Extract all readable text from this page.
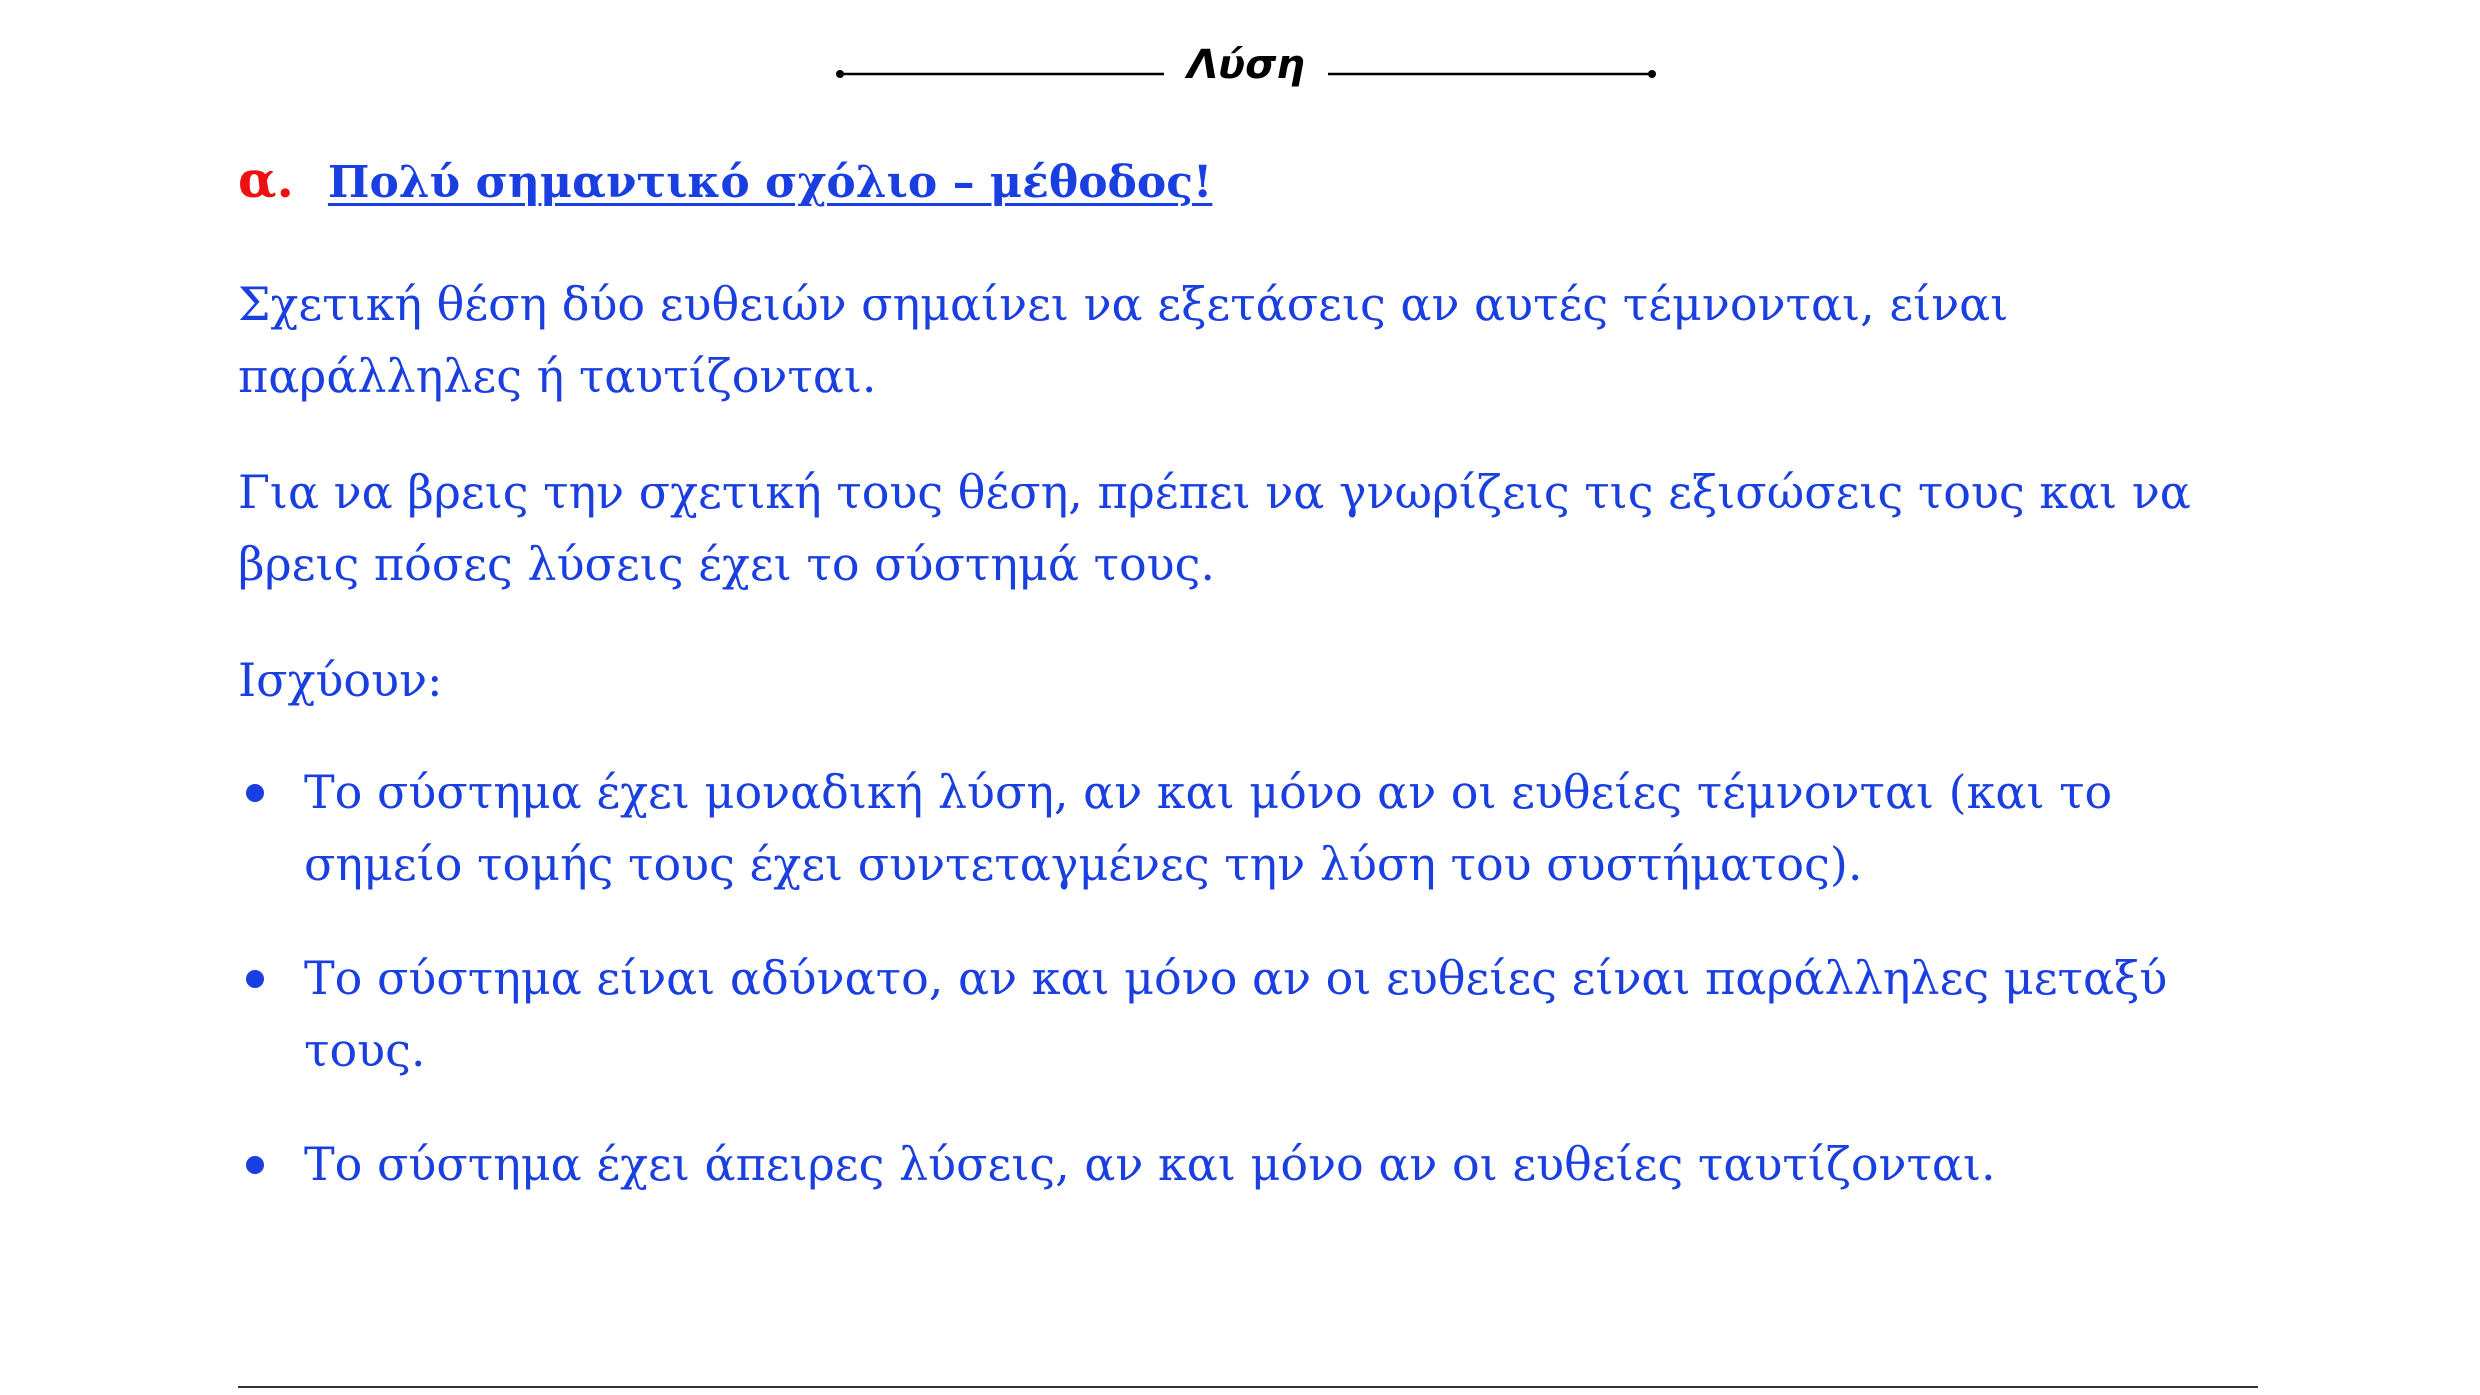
Λύση
α. Πολύ σημαντικό σχόλιο – μέθοδος!

Σχετική θέση δύο ευθειών σημαίνει να εξετάσεις αν αυτές τέμνονται, είναι παράλληλες ή ταυτίζονται.

Για να βρεις την σχετική τους θέση, πρέπει να γνωρίζεις τις εξισώσεις τους και να βρεις πόσες λύσεις έχει το σύστημά τους.

Ισχύουν:

Το σύστημα έχει μοναδική λύση, αν και μόνο αν οι ευθείες τέμνονται (και το σημείο τομής τους έχει συντεταγμένες την λύση του συστήματος).
Το σύστημα είναι αδύνατο, αν και μόνο αν οι ευθείες είναι παράλληλες μεταξύ τους.
Το σύστημα έχει άπειρες λύσεις, αν και μόνο αν οι ευθείες ταυτίζονται.
